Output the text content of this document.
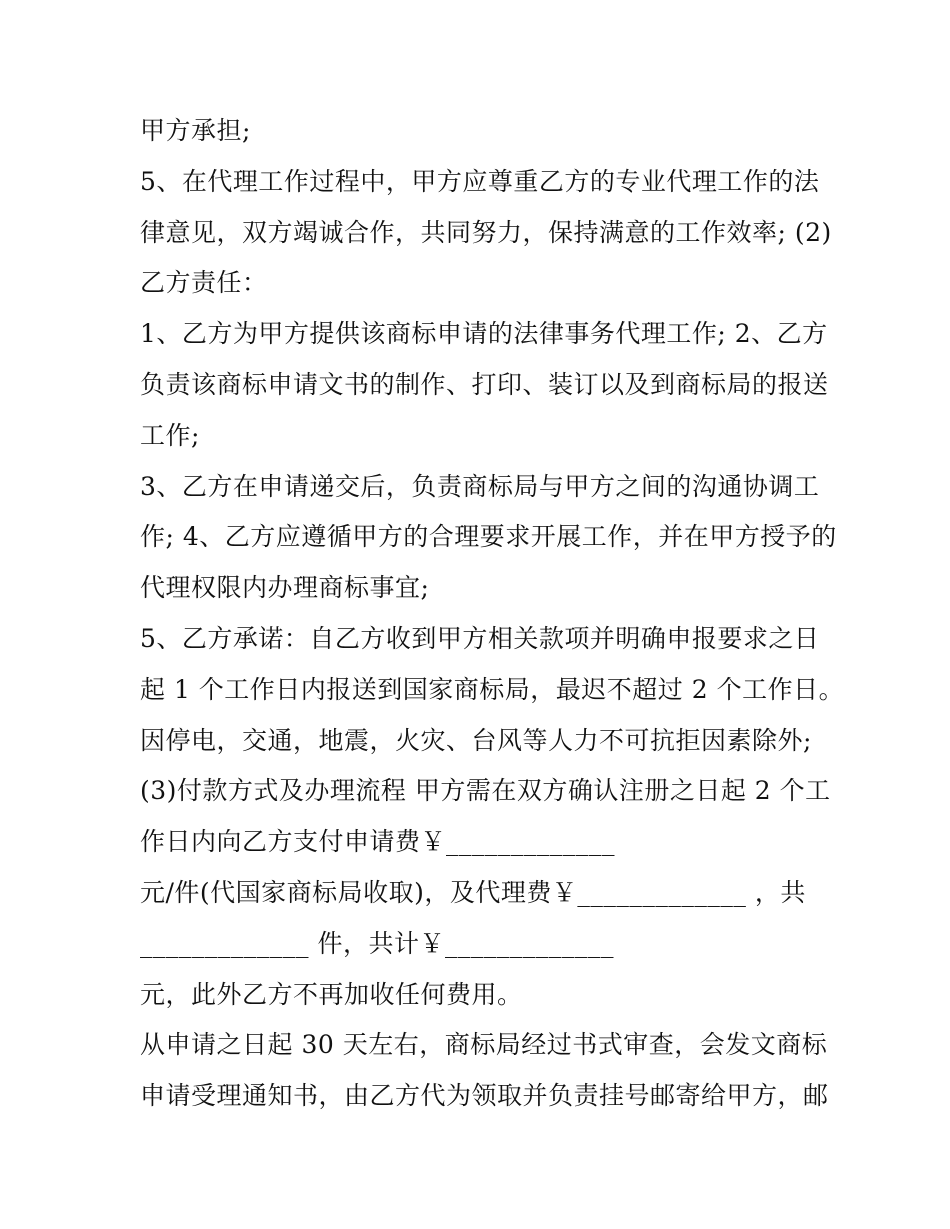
甲方承担;
5、在代理工作过程中，甲方应尊重乙方的专业代理工作的法
律意见，双方竭诚合作，共同努力，保持满意的工作效率; (2)
乙方责任：
1、乙方为甲方提供该商标申请的法律事务代理工作; 2、乙方
负责该商标申请文书的制作、打印、装订以及到商标局的报送
工作;
3、乙方在申请递交后，负责商标局与甲方之间的沟通协调工
作; 4、乙方应遵循甲方的合理要求开展工作，并在甲方授予的
代理权限内办理商标事宜;
5、乙方承诺：自乙方收到甲方相关款项并明确申报要求之日
起 1 个工作日内报送到国家商标局，最迟不超过 2 个工作日。
因停电，交通，地震，火灾、台风等人力不可抗拒因素除外;
(3)付款方式及办理流程 甲方需在双方确认注册之日起 2 个工
作日内向乙方支付申请费￥_____________
元/件(代国家商标局收取)，及代理费￥_____________ ，共
_____________ 件，共计￥_____________
元，此外乙方不再加收任何费用。
从申请之日起 30 天左右，商标局经过书式审查，会发文商标
申请受理通知书，由乙方代为领取并负责挂号邮寄给甲方，邮
